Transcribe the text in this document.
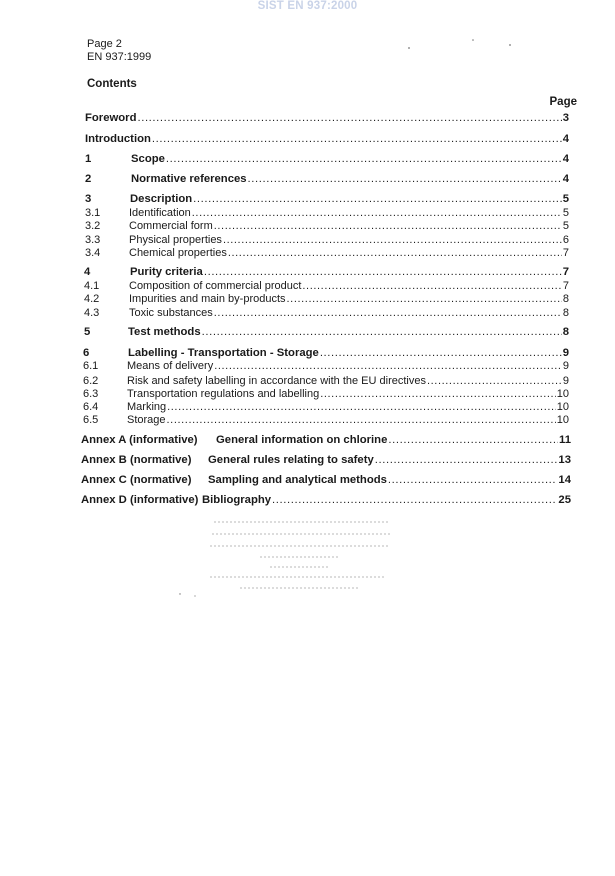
SIST EN 937:2000
Page 2
EN 937:1999
Contents
Page
Foreword .....	3
Introduction .....	4
1	Scope .....	4
2	Normative references .....	4
3	Description .....	5
3.1	Identification .....	5
3.2	Commercial form .....	5
3.3	Physical properties .....	6
3.4	Chemical properties .....	7
4	Purity criteria .....	7
4.1	Composition of commercial product .....	7
4.2	Impurities and main by-products .....	8
4.3	Toxic substances .....	8
5	Test methods .....	8
6	Labelling - Transportation - Storage .....	9
6.1	Means of delivery .....	9
6.2	Risk and safety labelling in accordance with the EU directives .....	9
6.3	Transportation regulations and labelling .....	10
6.4	Marking .....	10
6.5	Storage .....	10
Annex A (informative)	General information on chlorine .....	11
Annex B (normative)	General rules relating to safety .....	13
Annex C (normative)	Sampling and analytical methods .....	14
Annex D (informative) Bibliography .....	25
